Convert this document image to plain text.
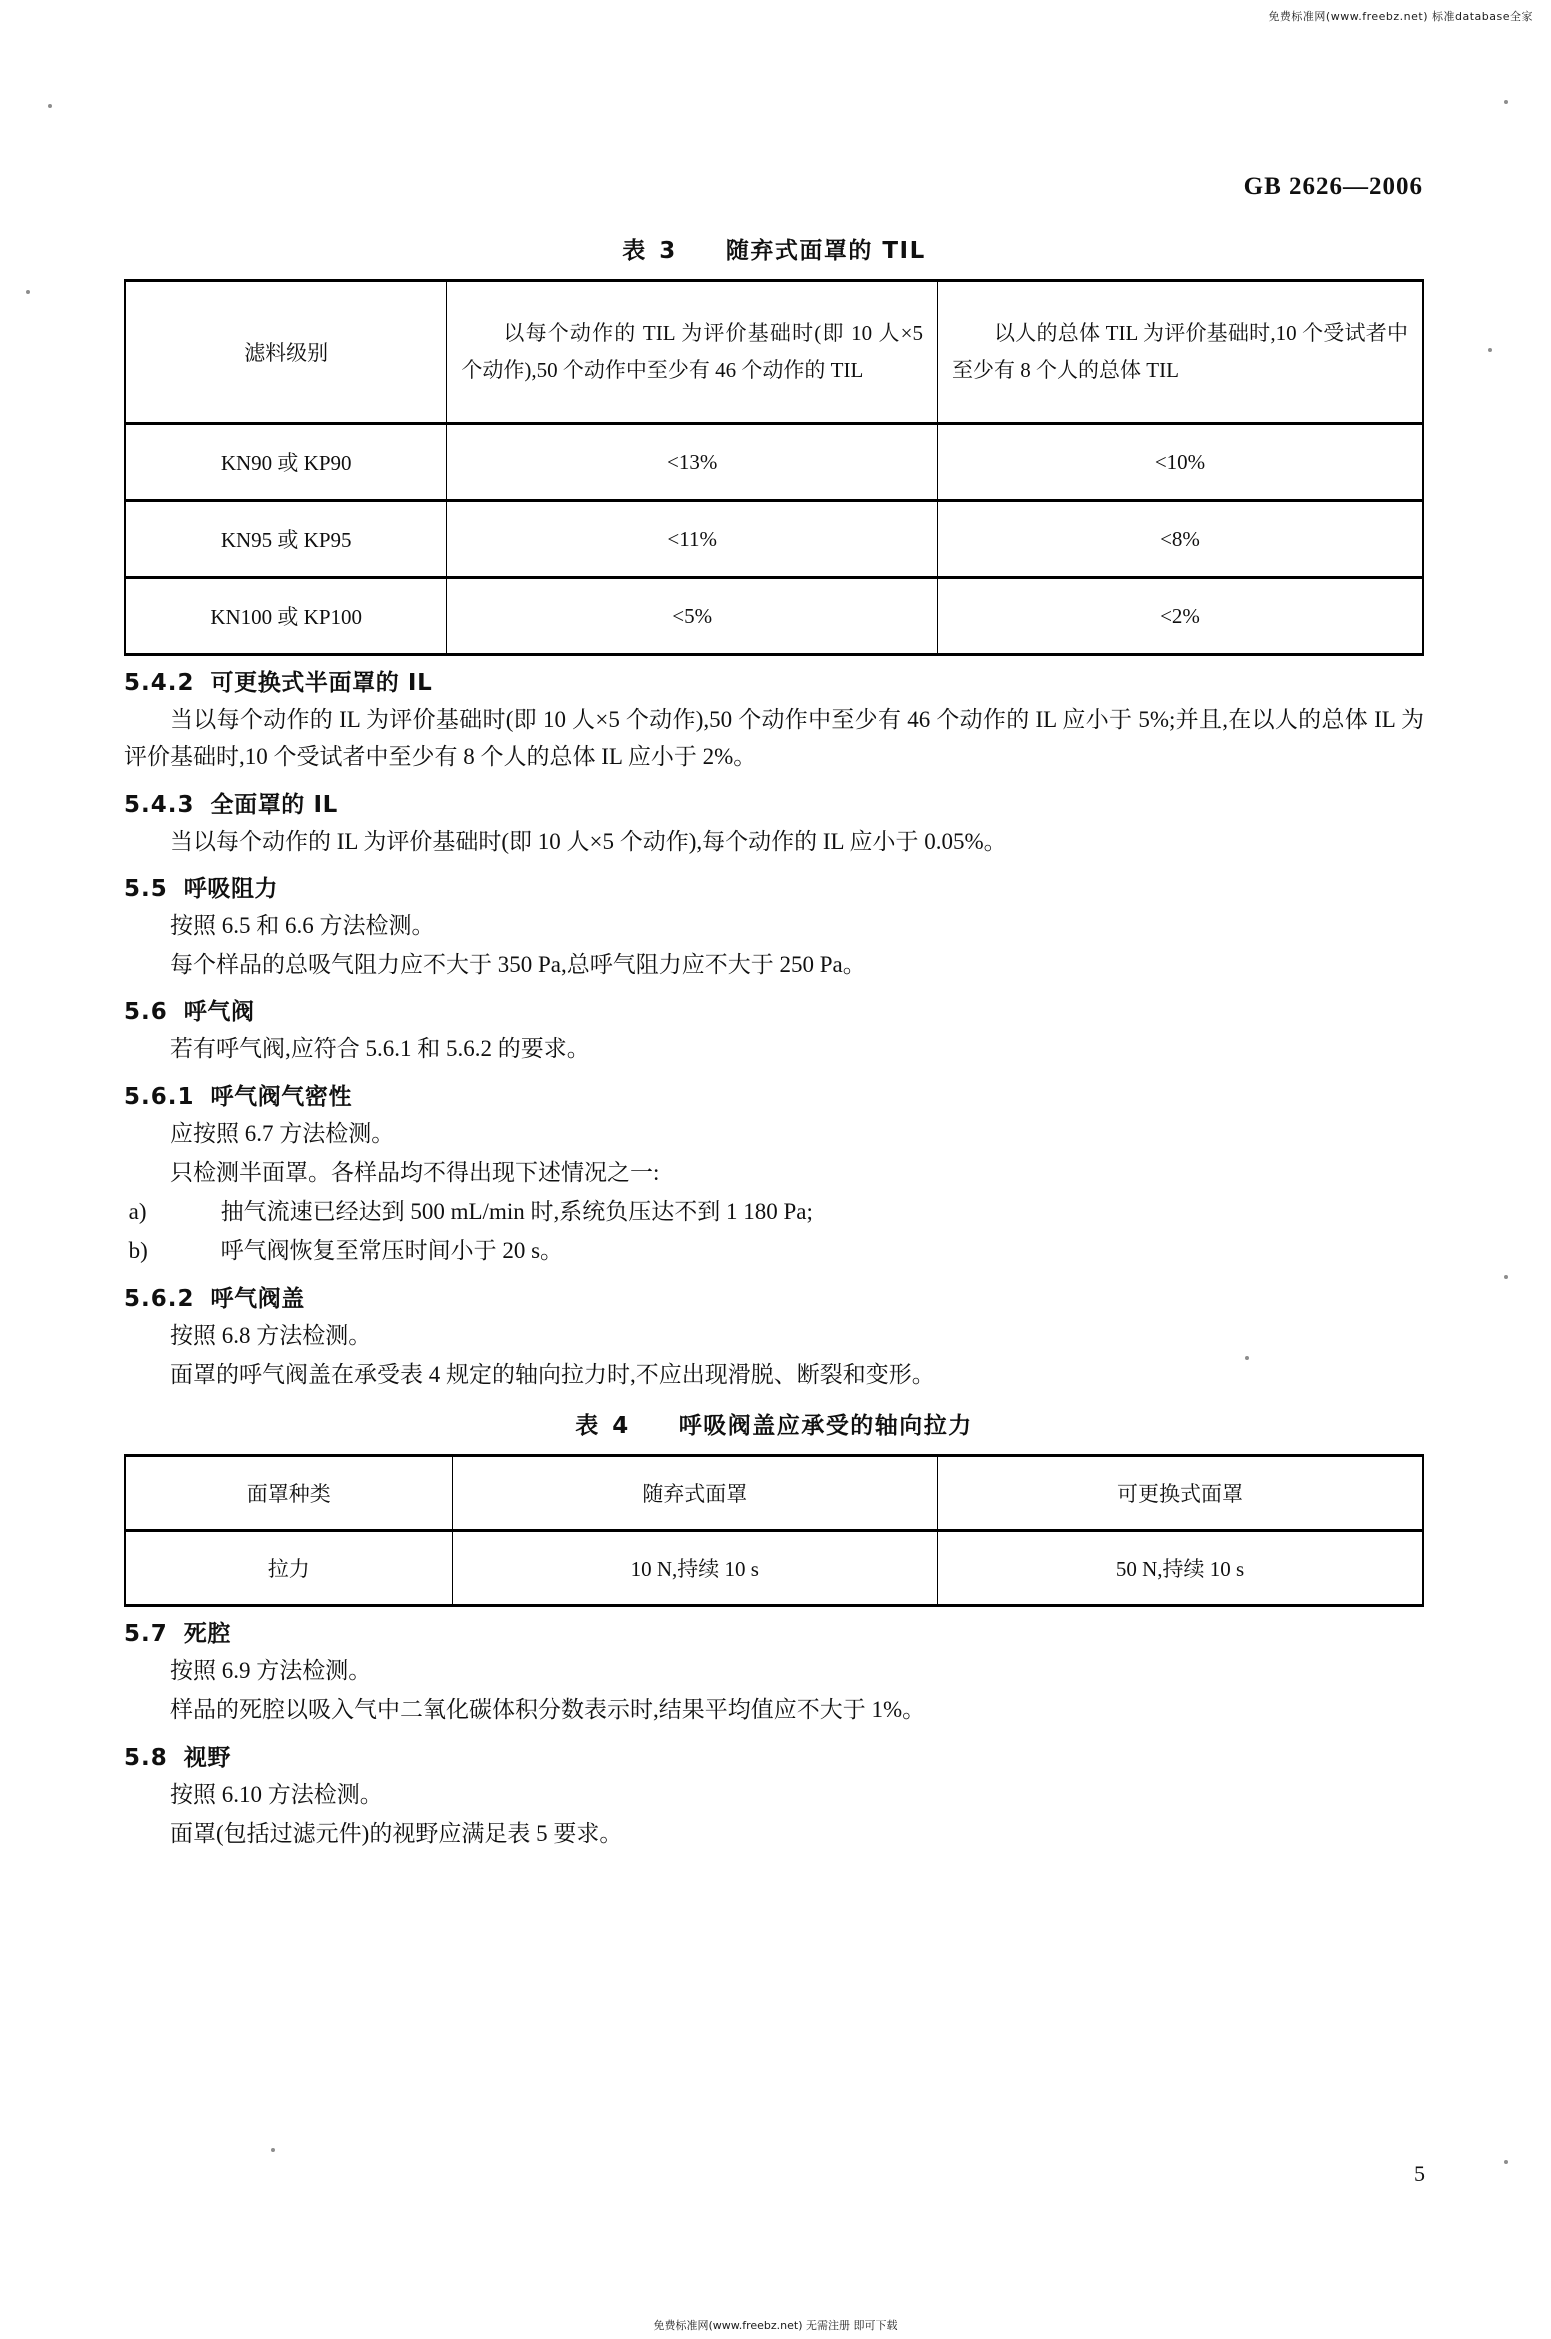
免费标准网(www.freebz.net) 标准database全家
GB 2626—2006
表 3 随弃式面罩的 TIL
滤料级别	以每个动作的 TIL 为评价基础时(即 10 人×5 个动作),50 个动作中至少有 46 个动作的 TIL	以人的总体 TIL 为评价基础时,10 个受试者中至少有 8 个人的总体 TIL
KN90 或 KP90	<13%	<10%
KN95 或 KP95	<11%	<8%
KN100 或 KP100	<5%	<2%
5.4.2 可更换式半面罩的 IL

当以每个动作的 IL 为评价基础时(即 10 人×5 个动作),50 个动作中至少有 46 个动作的 IL 应小于 5%;并且,在以人的总体 IL 为评价基础时,10 个受试者中至少有 8 个人的总体 IL 应小于 2%。

5.4.3 全面罩的 IL

当以每个动作的 IL 为评价基础时(即 10 人×5 个动作),每个动作的 IL 应小于 0.05%。

5.5 呼吸阻力

按照 6.5 和 6.6 方法检测。

每个样品的总吸气阻力应不大于 350 Pa,总呼气阻力应不大于 250 Pa。

5.6 呼气阀

若有呼气阀,应符合 5.6.1 和 5.6.2 的要求。

5.6.1 呼气阀气密性

应按照 6.7 方法检测。

只检测半面罩。各样品均不得出现下述情况之一:

a)	抽气流速已经达到 500 mL/min 时,系统负压达不到 1 180 Pa;
b)	呼气阀恢复至常压时间小于 20 s。
5.6.2 呼气阀盖

按照 6.8 方法检测。

面罩的呼气阀盖在承受表 4 规定的轴向拉力时,不应出现滑脱、断裂和变形。

表 4 呼吸阀盖应承受的轴向拉力
面罩种类	随弃式面罩	可更换式面罩
拉力	10 N,持续 10 s	50 N,持续 10 s
5.7 死腔

按照 6.9 方法检测。

样品的死腔以吸入气中二氧化碳体积分数表示时,结果平均值应不大于 1%。

5.8 视野

按照 6.10 方法检测。

面罩(包括过滤元件)的视野应满足表 5 要求。

5
免费标准网(www.freebz.net) 无需注册 即可下载
